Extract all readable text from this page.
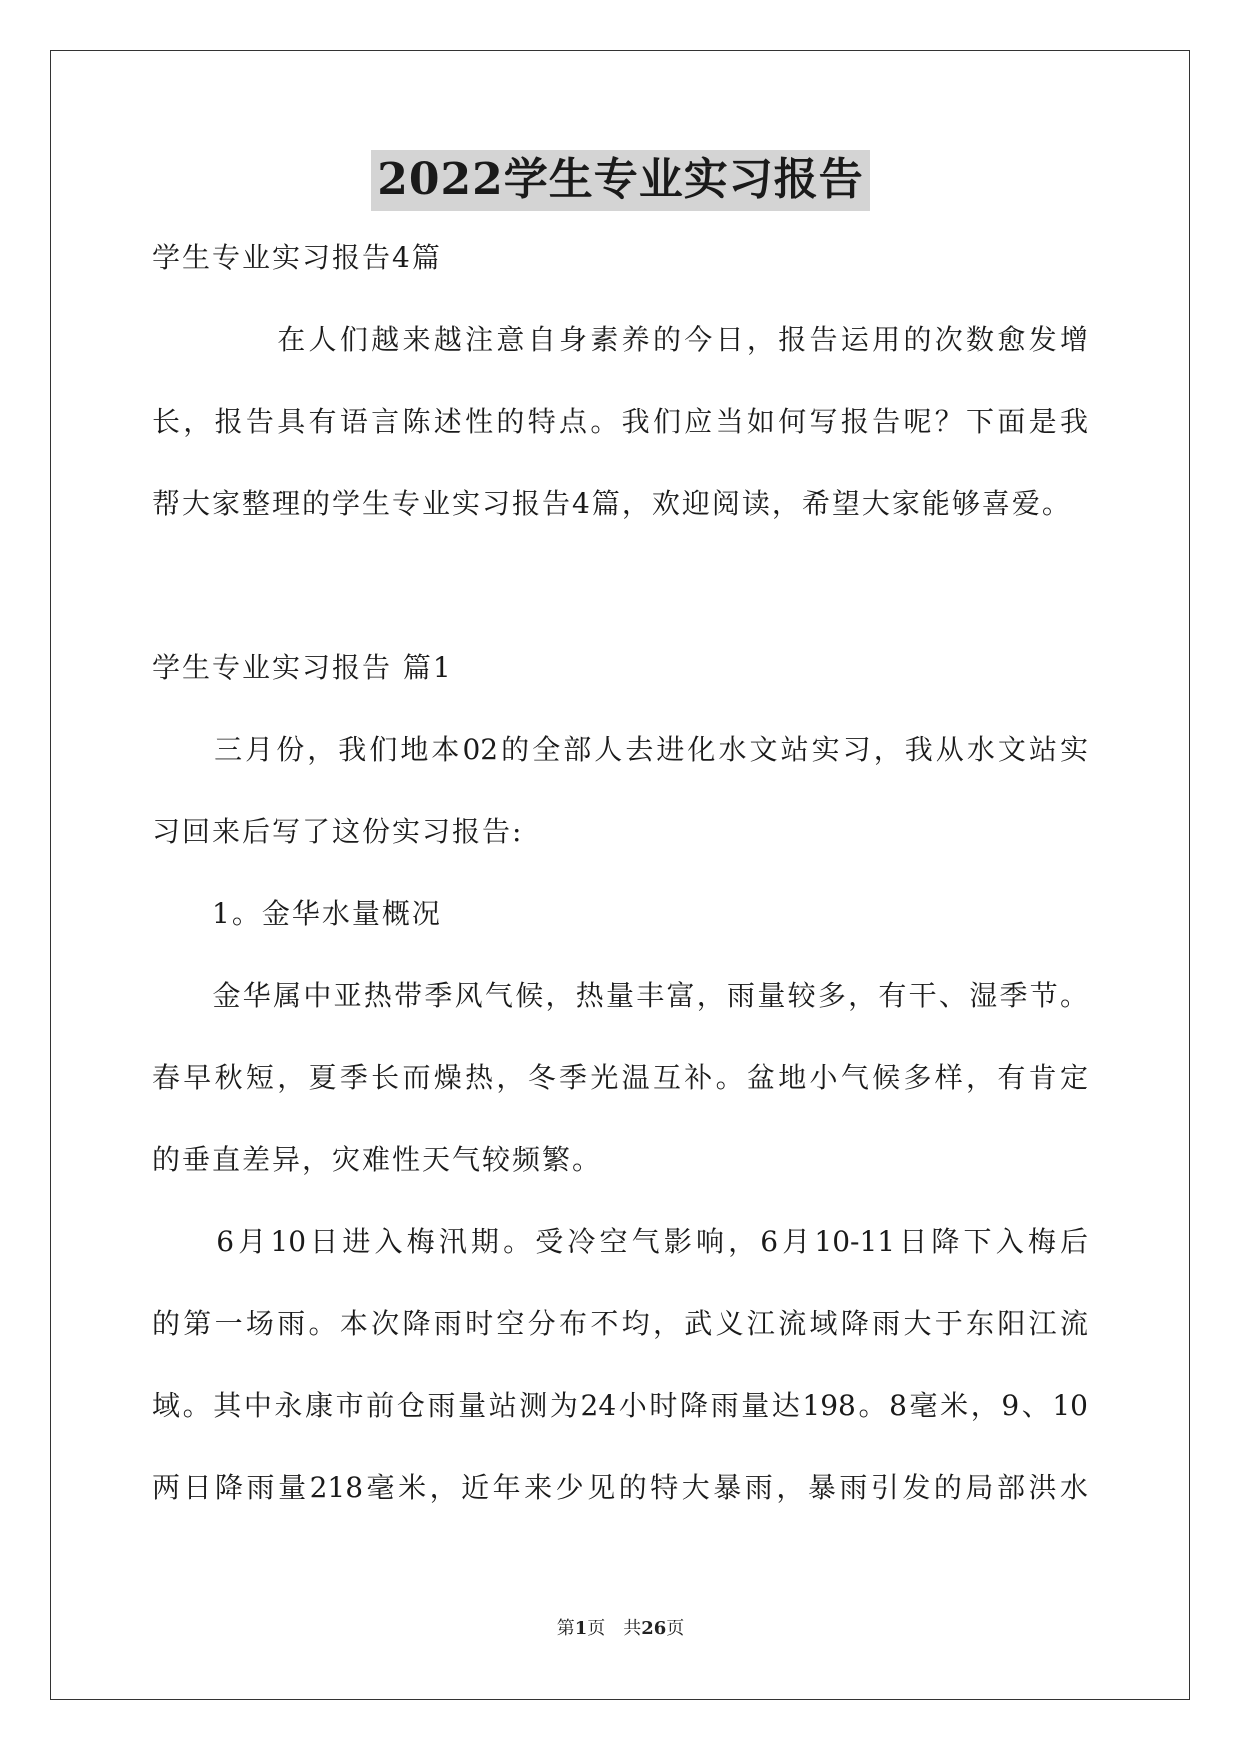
2022学生专业实习报告
学生专业实习报告4篇
　　　　在人们越来越注意自身素养的今日，报告运用的次数愈发增
长，报告具有语言陈述性的特点。我们应当如何写报告呢？下面是我
帮大家整理的学生专业实习报告4篇，欢迎阅读，希望大家能够喜爱。
学生专业实习报告 篇1
　　三月份，我们地本02的全部人去进化水文站实习，我从水文站实
习回来后写了这份实习报告:
　　1。金华水量概况
　　金华属中亚热带季风气候，热量丰富，雨量较多，有干、湿季节。
春早秋短，夏季长而燥热，冬季光温互补。盆地小气候多样，有肯定
的垂直差异，灾难性天气较频繁。
　　6月10日进入梅汛期。受冷空气影响，6月10-11日降下入梅后
的第一场雨。本次降雨时空分布不均，武义江流域降雨大于东阳江流
域。其中永康市前仓雨量站测为24小时降雨量达198。8毫米，9、10
两日降雨量218毫米，近年来少见的特大暴雨，暴雨引发的局部洪水
第1页　共26页
